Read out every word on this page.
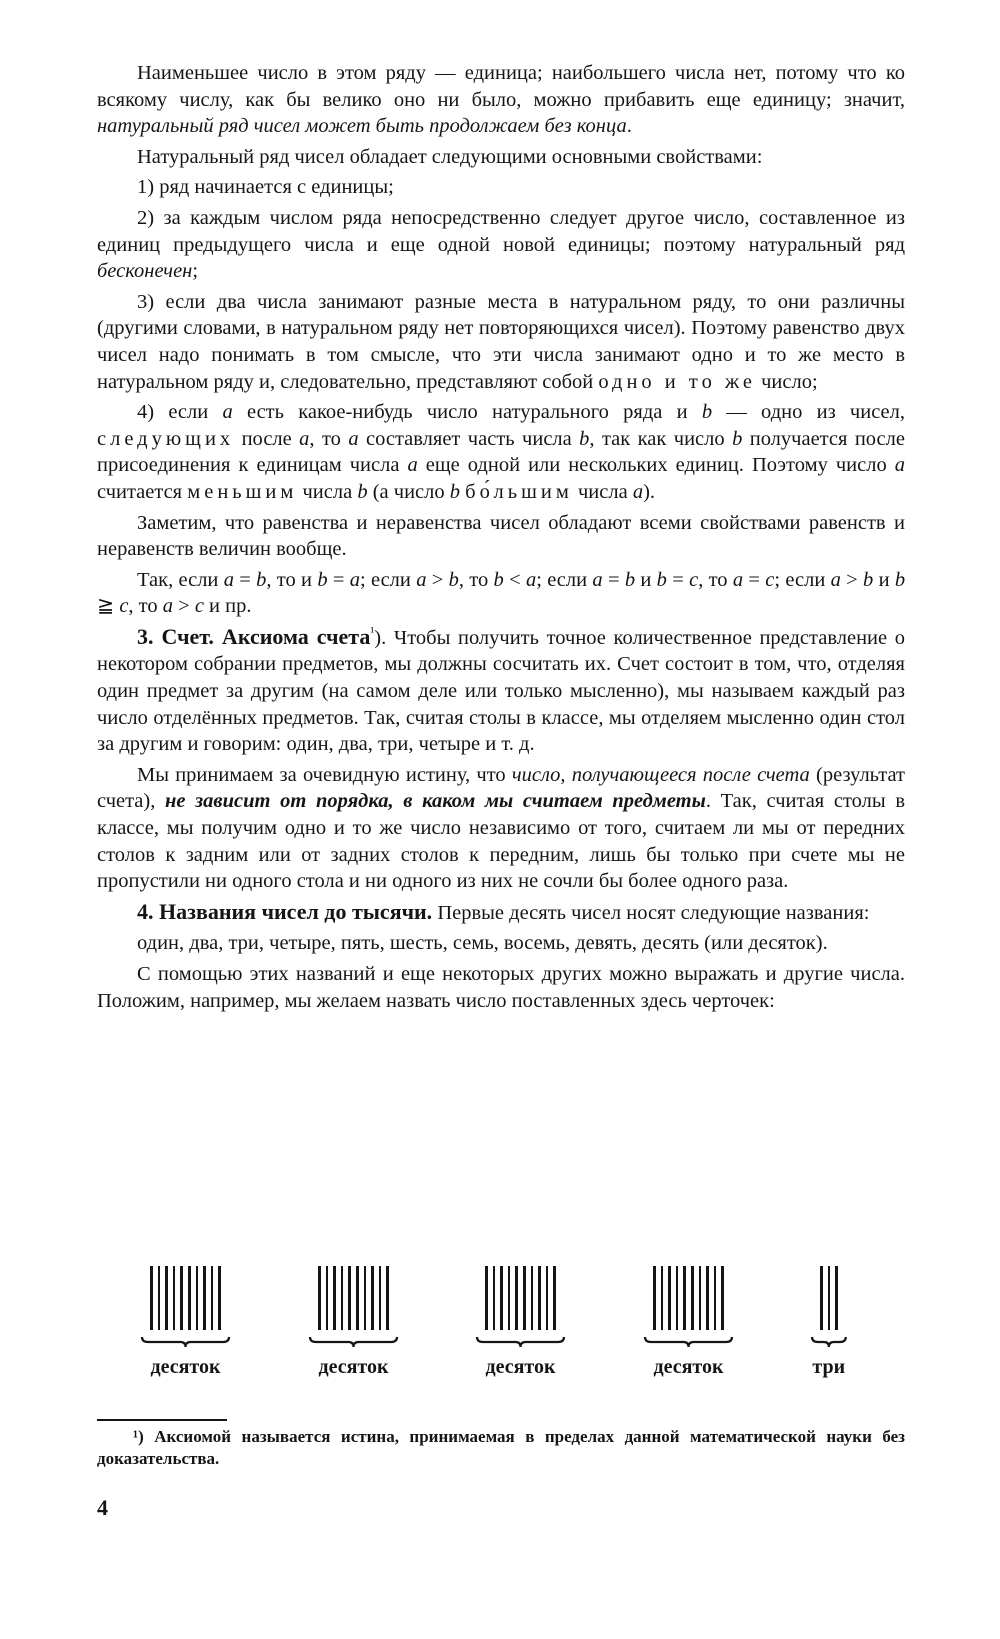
Наименьшее число в этом ряду — единица; наибольшего числа нет, потому что ко всякому числу, как бы велико оно ни было, можно прибавить еще единицу; значит, натуральный ряд чисел может быть продолжаем без конца.

Натуральный ряд чисел обладает следующими основными свойствами:

1) ряд начинается с единицы;

2) за каждым числом ряда непосредственно следует другое число, составленное из единиц предыдущего числа и еще одной новой единицы; поэтому натуральный ряд бесконечен;

3) если два числа занимают разные места в натуральном ряду, то они различны (другими словами, в натуральном ряду нет повторяющихся чисел). Поэтому равенство двух чисел надо понимать в том смысле, что эти числа занимают одно и то же место в натуральном ряду и, следовательно, представляют собой одно и то же число;

4) если a есть какое-нибудь число натурального ряда и b — одно из чисел, следующих после a, то a составляет часть числа b, так как число b получается после присоединения к единицам числа a еще одной или нескольких единиц. Поэтому число a считается меньшим числа b (а число b бо́льшим числа a).

Заметим, что равенства и неравенства чисел обладают всеми свойствами равенств и неравенств величин вообще.

Так, если a = b, то и b = a; если a > b, то b < a; если a = b и b = c, то a = c; если a > b и b ≧ c, то a > c и пр.

3. Счет. Аксиома счета$^{^1}$). Чтобы получить точное количественное представление о некотором собрании предметов, мы должны сосчитать их. Счет состоит в том, что, отделяя один предмет за другим (на самом деле или только мысленно), мы называем каждый раз число отделённых предметов. Так, считая столы в классе, мы отделяем мысленно один стол за другим и говорим: один, два, три, четыре и т. д.

Мы принимаем за очевидную истину, что число, получающееся после счета (результат счета), не зависит от порядка, в каком мы считаем предметы. Так, считая столы в классе, мы получим одно и то же число независимо от того, считаем ли мы от передних столов к задним или от задних столов к передним, лишь бы только при счете мы не пропустили ни одного стола и ни одного из них не сочли бы более одного раза.

4. Названия чисел до тысячи. Первые десять чисел носят следующие названия:

один, два, три, четыре, пять, шесть, семь, восемь, девять, десять (или десяток).

С помощью этих названий и еще некоторых других можно выражать и другие числа. Положим, например, мы желаем назвать число поставленных здесь черточек:

десяток	десяток	десяток	десяток	три

¹) Аксиомой называется истина, принимаемая в пределах данной математической науки без доказательства.

4
